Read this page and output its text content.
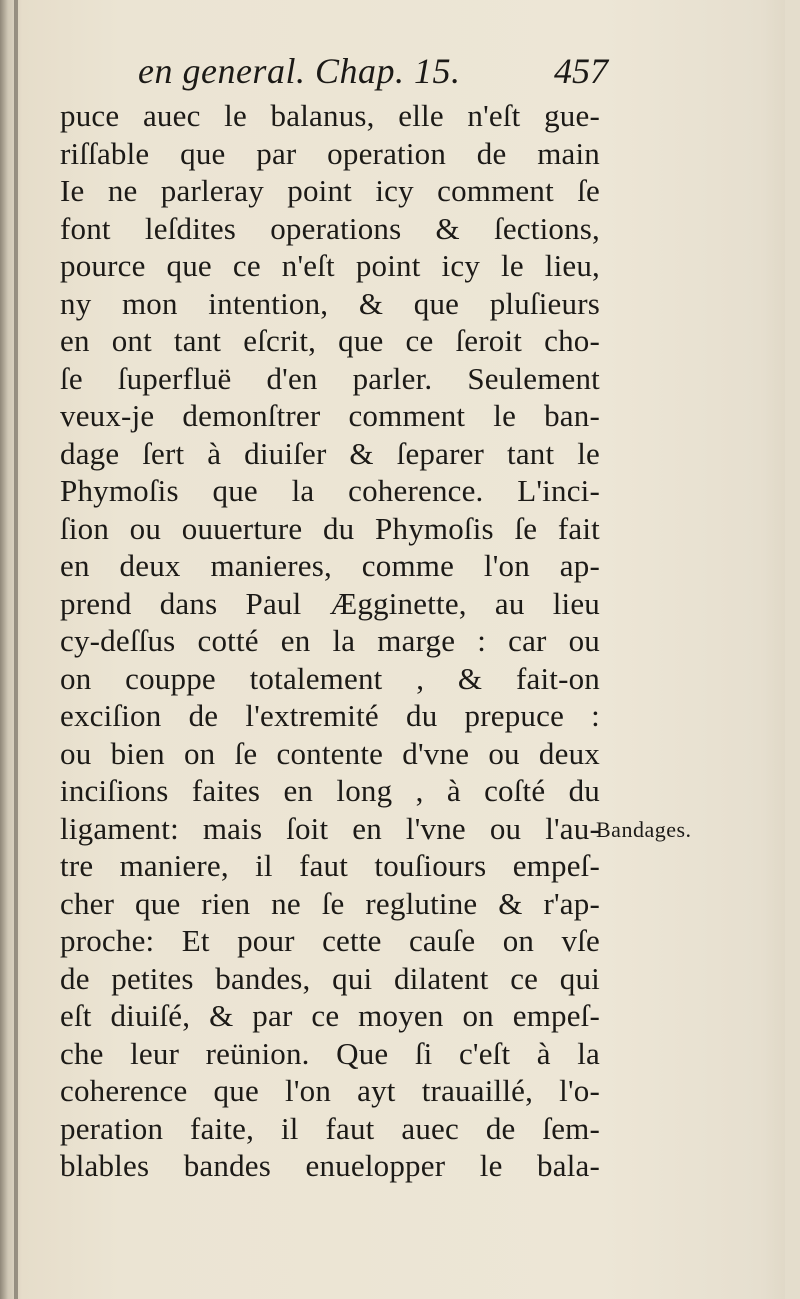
en general. Chap. 15.	457
puce auec le balanus, elle n'eſt gue-
riſſable que par operation de main
Ie ne parleray point icy comment ſe
font leſdites operations & ſections,
pource que ce n'eſt point icy le lieu,
ny mon intention, & que pluſieurs
en ont tant eſcrit, que ce ſeroit cho-
ſe ſuperfluë d'en parler. Seulement
veux-je demonſtrer comment le ban-
dage ſert à diuiſer & ſeparer tant le
Phymoſis que la coherence. L'inci-
ſion ou ouuerture du Phymoſis ſe fait
en deux manieres, comme l'on ap-
prend dans Paul Ægginette, au lieu
cy-deſſus cotté en la marge : car ou
on couppe totalement , & fait-on
exciſion de l'extremité du prepuce :
ou bien on ſe contente d'vne ou deux
inciſions faites en long , à coſté du
ligament: mais ſoit en l'vne ou l'au-
tre maniere, il faut touſiours empeſ-
cher que rien ne ſe reglutine & r'ap-
proche: Et pour cette cauſe on vſe
de petites bandes, qui dilatent ce qui
eſt diuiſé, & par ce moyen on empeſ-
che leur reünion. Que ſi c'eſt à la
coherence que l'on ayt trauaillé, l'o-
peration faite, il faut auec de ſem-
blables bandes enuelopper le bala-
Bandages.
